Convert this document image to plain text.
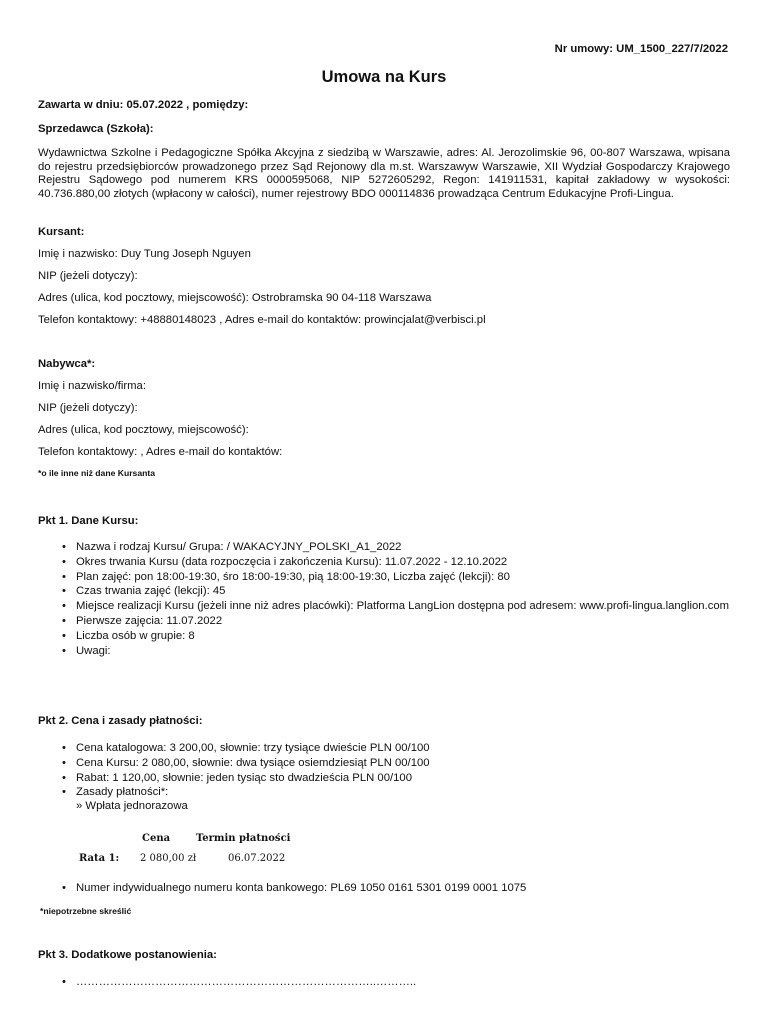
Nr umowy: UM_1500_227/7/2022
Umowa na Kurs
Zawarta w dniu: 05.07.2022 , pomiędzy:
Sprzedawca (Szkoła):
Wydawnictwa Szkolne i Pedagogiczne Spółka Akcyjna z siedzibą w Warszawie, adres: Al. Jerozolimskie 96, 00-807 Warszawa, wpisana do rejestru przedsiębiorców prowadzonego przez Sąd Rejonowy dla m.st. Warszawyw Warszawie, XII Wydział Gospodarczy Krajowego Rejestru Sądowego pod numerem KRS 0000595068, NIP 5272605292, Regon: 141911531, kapitał zakładowy w wysokości: 40.736.880,00 złotych (wpłacony w całości), numer rejestrowy BDO 000114836 prowadząca Centrum Edukacyjne Profi-Lingua.
Kursant:
Imię i nazwisko: Duy Tung Joseph Nguyen
NIP (jeżeli dotyczy):
Adres (ulica, kod pocztowy, miejscowość): Ostrobramska 90 04-118 Warszawa
Telefon kontaktowy: +48880148023 , Adres e-mail do kontaktów: prowincjalat@verbisci.pl
Nabywca*:
Imię i nazwisko/firma:
NIP (jeżeli dotyczy):
Adres (ulica, kod pocztowy, miejscowość):
Telefon kontaktowy: , Adres e-mail do kontaktów:
*o ile inne niż dane Kursanta
Pkt 1. Dane Kursu:
• Nazwa i rodzaj Kursu/ Grupa: / WAKACYJNY_POLSKI_A1_2022
• Okres trwania Kursu (data rozpoczęcia i zakończenia Kursu): 11.07.2022 - 12.10.2022
• Plan zajęć: pon 18:00-19:30, śro 18:00-19:30, pią 18:00-19:30, Liczba zajęć (lekcji): 80
• Czas trwania zajęć (lekcji): 45
• Miejsce realizacji Kursu (jeżeli inne niż adres placówki): Platforma LangLion dostępna pod adresem: www.profi-lingua.langlion.com
• Pierwsze zajęcia: 11.07.2022
• Liczba osób w grupie: 8
• Uwagi:
Pkt 2. Cena i zasady płatności:
• Cena katalogowa: 3 200,00, słownie: trzy tysiące dwieście PLN 00/100
• Cena Kursu: 2 080,00, słownie: dwa tysiące osiemdziesiąt PLN 00/100
• Rabat: 1 120,00, słownie: jeden tysiąc sto dwadzieścia PLN 00/100
• Zasady płatności*:
» Wpłata jednorazowa
Cena	Termin płatności
Rata 1: 2 080,00 zł	06.07.2022
• Numer indywidualnego numeru konta bankowego: PL69 1050 0161 5301 0199 0001 1075
*niepotrzebne skreślić
Pkt 3. Dodatkowe postanowienia:
• ……………………………………………………………………..………..
